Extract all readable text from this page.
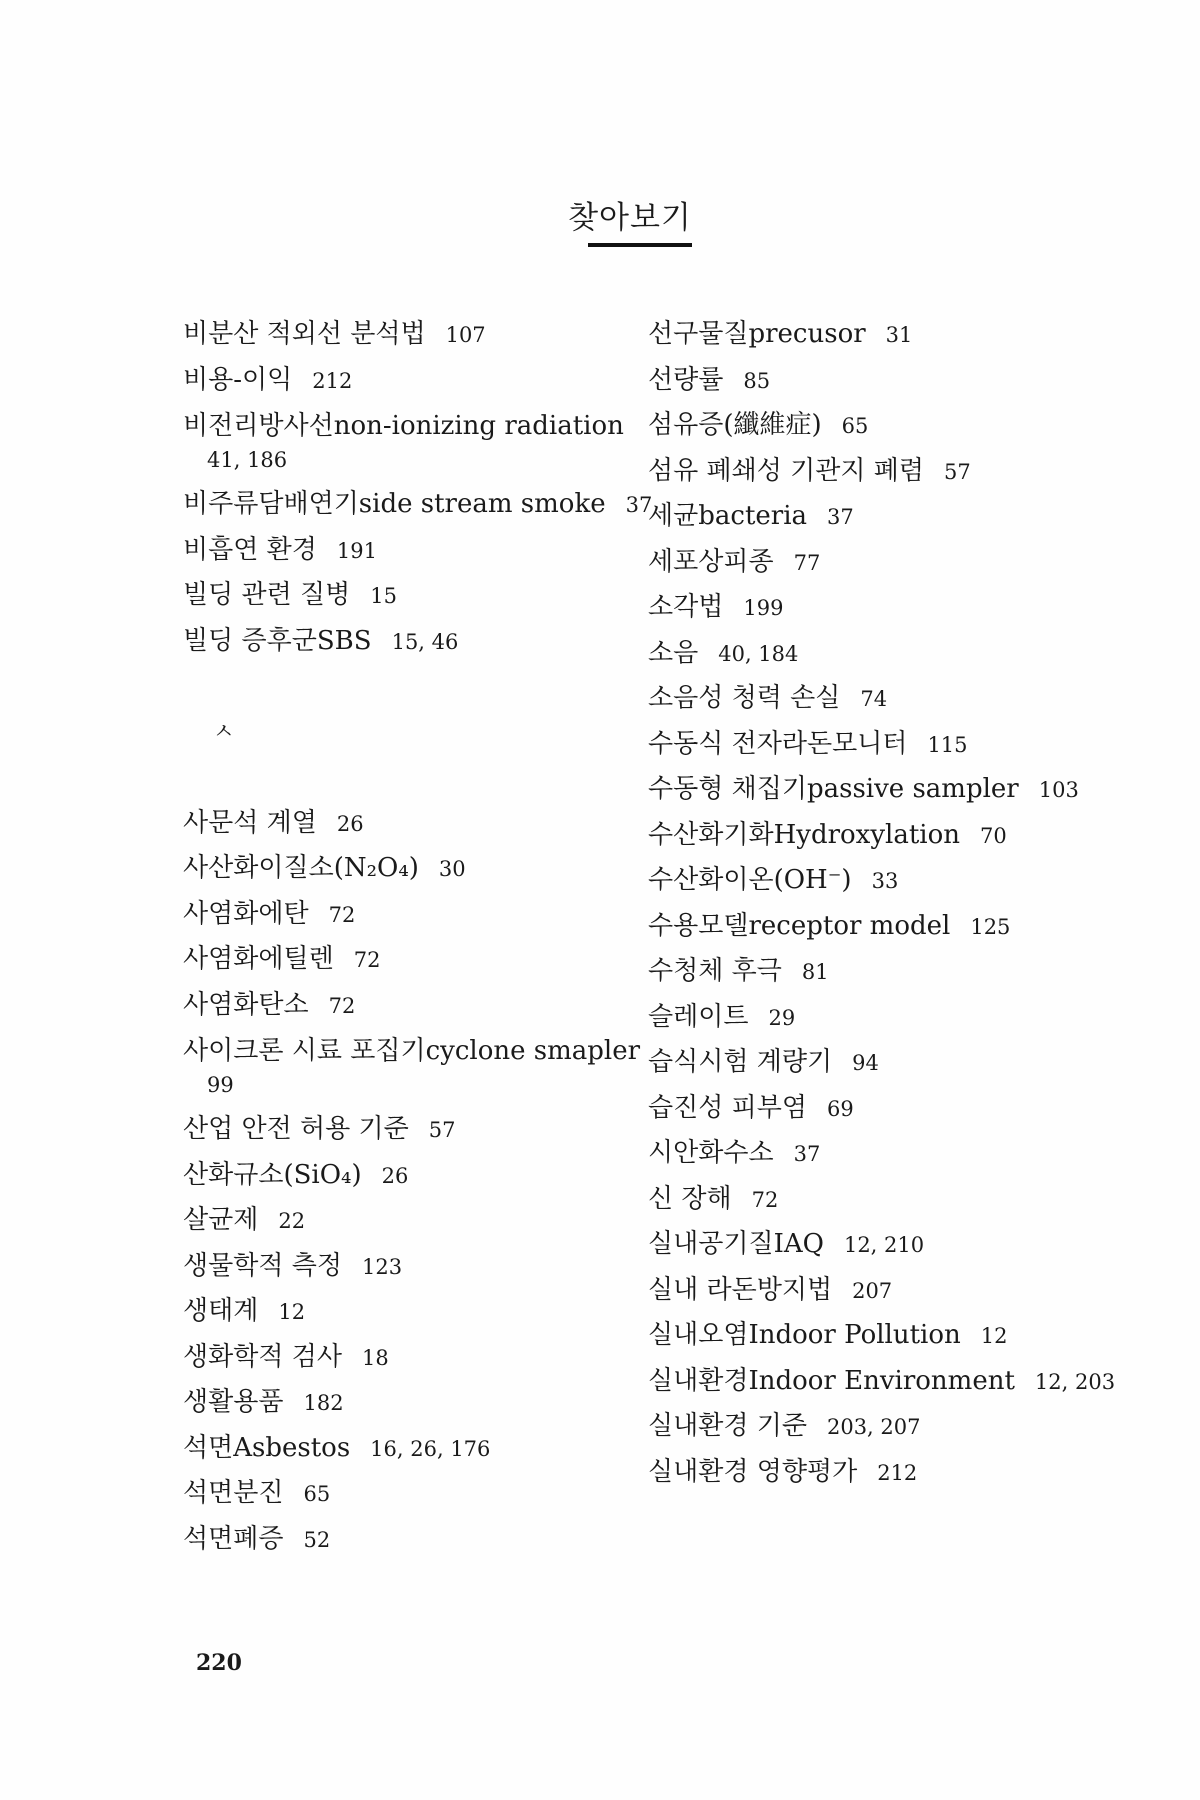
찾아보기
비분산 적외선 분석법 107
비용-이익 212
비전리방사선non-ionizing radiation
41, 186
비주류담배연기side stream smoke 37
비흡연 환경 191
빌딩 관련 질병 15
빌딩 증후군SBS 15, 46
ㅅ
사문석 계열 26
사산화이질소(N₂O₄) 30
사염화에탄 72
사염화에틸렌 72
사염화탄소 72
사이크론 시료 포집기cyclone smapler
99
산업 안전 허용 기준 57
산화규소(SiO₄) 26
살균제 22
생물학적 측정 123
생태계 12
생화학적 검사 18
생활용품 182
석면Asbestos 16, 26, 176
석면분진 65
석면폐증 52
선구물질precusor 31
선량률 85
섬유증(纖維症) 65
섬유 폐쇄성 기관지 폐렴 57
세균bacteria 37
세포상피종 77
소각법 199
소음 40, 184
소음성 청력 손실 74
수동식 전자라돈모니터 115
수동형 채집기passive sampler 103
수산화기화Hydroxylation 70
수산화이온(OH⁻) 33
수용모델receptor model 125
수청체 후극 81
슬레이트 29
습식시험 계량기 94
습진성 피부염 69
시안화수소 37
신 장해 72
실내공기질IAQ 12, 210
실내 라돈방지법 207
실내오염Indoor Pollution 12
실내환경Indoor Environment 12, 203
실내환경 기준 203, 207
실내환경 영향평가 212
220
